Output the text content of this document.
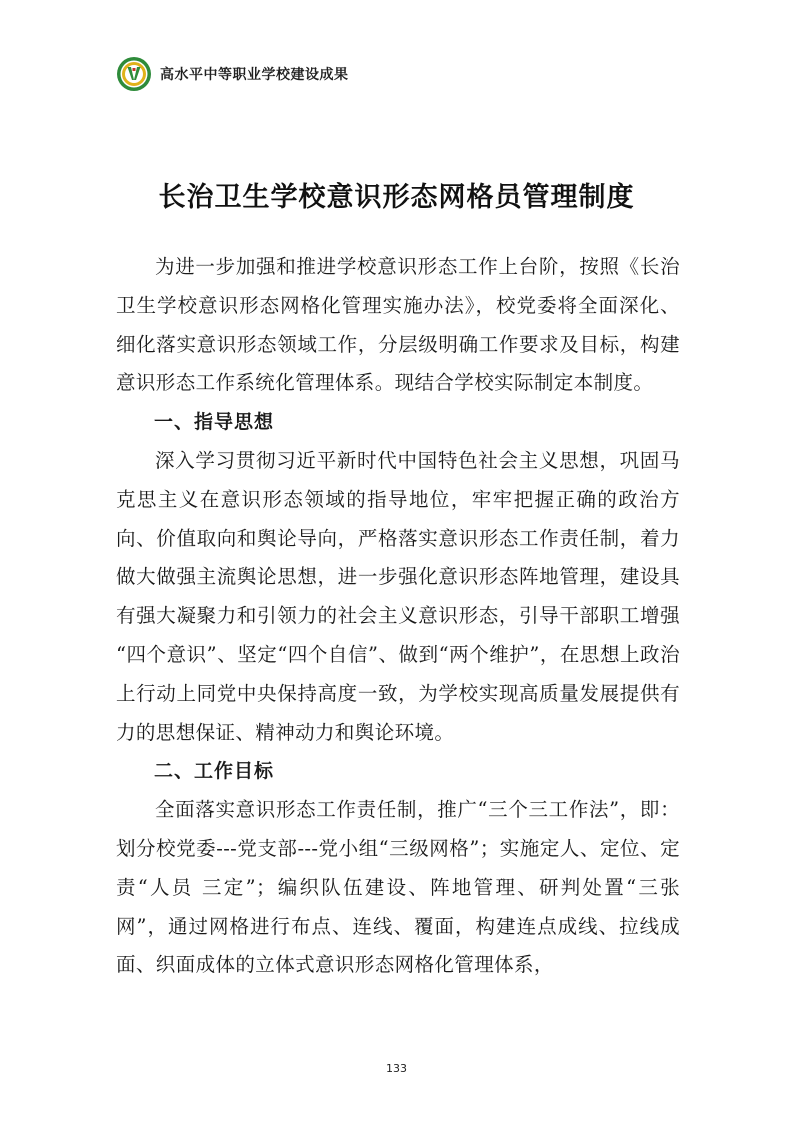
高水平中等职业学校建设成果
长治卫生学校意识形态网格员管理制度

为进一步加强和推进学校意识形态工作上台阶，按照《长治卫生学校意识形态网格化管理实施办法》，校党委将全面深化、细化落实意识形态领域工作，分层级明确工作要求及目标，构建意识形态工作系统化管理体系。现结合学校实际制定本制度。

一、指导思想

深入学习贯彻习近平新时代中国特色社会主义思想，巩固马克思主义在意识形态领域的指导地位，牢牢把握正确的政治方向、价值取向和舆论导向，严格落实意识形态工作责任制，着力做大做强主流舆论思想，进一步强化意识形态阵地管理，建设具有强大凝聚力和引领力的社会主义意识形态，引导干部职工增强 “四个意识”、坚定“四个自信”、做到“两个维护”，在思想上政治上行动上同党中央保持高度一致，为学校实现高质量发展提供有力的思想保证、精神动力和舆论环境。

二、工作目标

全面落实意识形态工作责任制，推广“三个三工作法”，即：划分校党委---党支部---党小组“三级网格”；实施定人、定位、定责“人员 三定”；编织队伍建设、阵地管理、研判处置“三张网”，通过网格进行布点、连线、覆面，构建连点成线、拉线成面、织面成体的立体式意识形态网格化管理体系，

133
